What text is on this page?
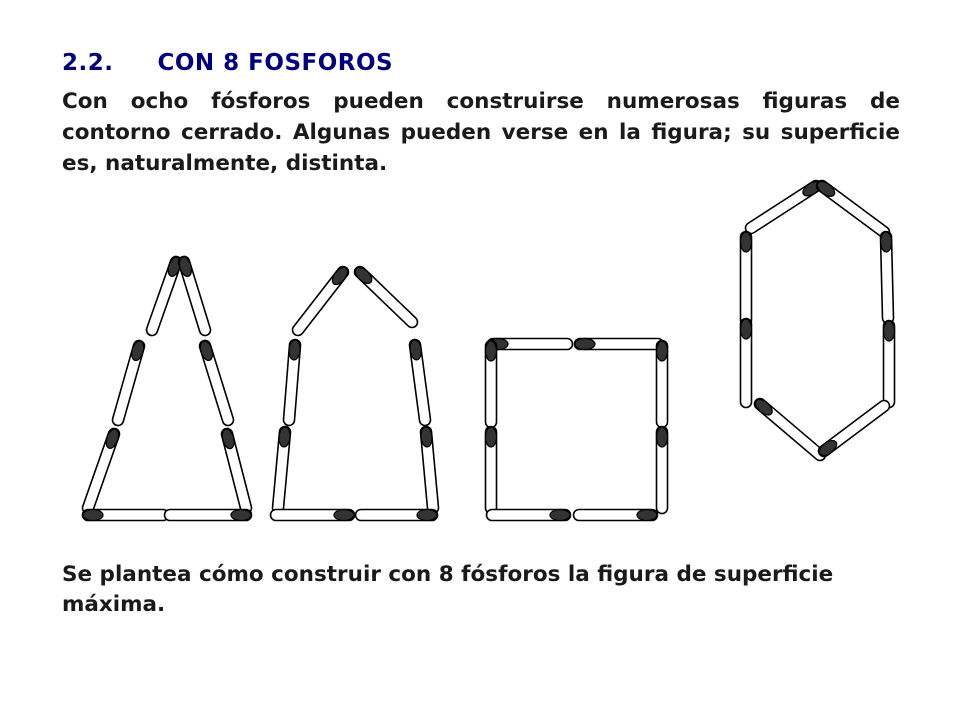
2.2. CON 8 FOSFOROS

Con ocho fósforos pueden construirse numerosas figuras de contorno cerrado. Algunas pueden verse en la figura; su superficie es, naturalmente, distinta.

Se plantea cómo construir con 8 fósforos la figura de superficie máxima.
